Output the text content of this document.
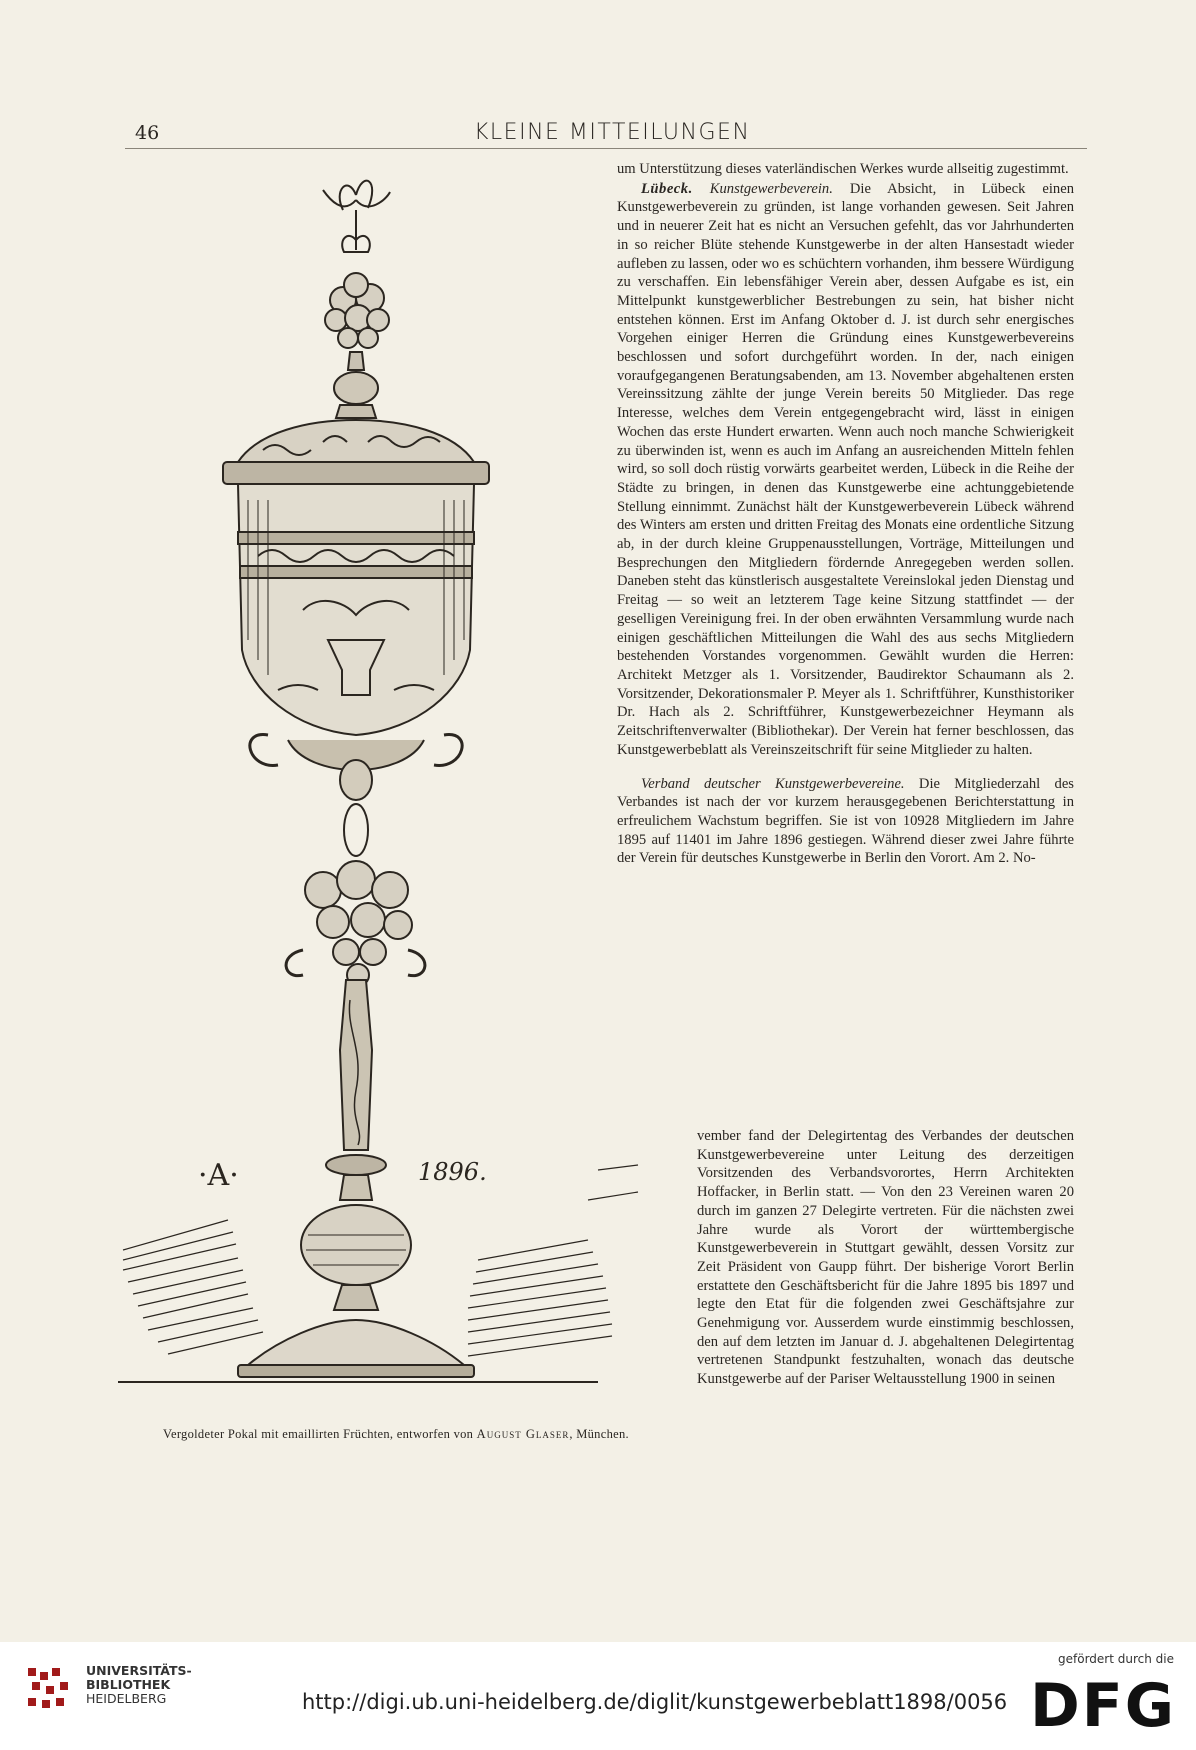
46	KLEINE MITTEILUNGEN
·A·	1896.

um Unterstützung dieses vaterländischen Werkes wurde allseitig zugestimmt.

Lübeck. Kunstgewerbeverein. Die Absicht, in Lübeck einen Kunstgewerbeverein zu gründen, ist lange vorhanden gewesen. Seit Jahren und in neuerer Zeit hat es nicht an Versuchen gefehlt, das vor Jahrhunderten in so reicher Blüte stehende Kunstgewerbe in der alten Hansestadt wieder aufleben zu lassen, oder wo es schüchtern vorhanden, ihm bessere Würdigung zu verschaffen. Ein lebensfähiger Verein aber, dessen Aufgabe es ist, ein Mittelpunkt kunstgewerblicher Bestrebungen zu sein, hat bisher nicht entstehen können. Erst im Anfang Oktober d. J. ist durch sehr energisches Vorgehen einiger Herren die Gründung eines Kunstgewerbevereins beschlossen und sofort durchgeführt worden. In der, nach einigen voraufgegangenen Beratungsabenden, am 13. November abgehaltenen ersten Vereinssitzung zählte der junge Verein bereits 50 Mitglieder. Das rege Interesse, welches dem Verein entgegengebracht wird, lässt in einigen Wochen das erste Hundert erwarten. Wenn auch noch manche Schwierigkeit zu überwinden ist, wenn es auch im Anfang an ausreichenden Mitteln fehlen wird, so soll doch rüstig vorwärts gearbeitet werden, Lübeck in die Reihe der Städte zu bringen, in denen das Kunstgewerbe eine achtunggebietende Stellung einnimmt. Zunächst hält der Kunstgewerbeverein Lübeck während des Winters am ersten und dritten Freitag des Monats eine ordentliche Sitzung ab, in der durch kleine Gruppenausstellungen, Vorträge, Mitteilungen und Besprechungen den Mitgliedern fördernde Anregegeben werden sollen. Daneben steht das künstlerisch ausgestaltete Vereinslokal jeden Dienstag und Freitag — so weit an letzterem Tage keine Sitzung stattfindet — der geselligen Vereinigung frei. In der oben erwähnten Versammlung wurde nach einigen geschäftlichen Mitteilungen die Wahl des aus sechs Mitgliedern bestehenden Vorstandes vorgenommen. Gewählt wurden die Herren: Architekt Metzger als 1. Vorsitzender, Baudirektor Schaumann als 2. Vorsitzender, Dekorationsmaler P. Meyer als 1. Schriftführer, Kunsthistoriker Dr. Hach als 2. Schriftführer, Kunstgewerbezeichner Heymann als Zeitschriftenverwalter (Bibliothekar). Der Verein hat ferner beschlossen, das Kunstgewerbeblatt als Vereinszeitschrift für seine Mitglieder zu halten.

Verband deutscher Kunstgewerbevereine. Die Mitgliederzahl des Verbandes ist nach der vor kurzem herausgegebenen Berichterstattung in erfreulichem Wachstum begriffen. Sie ist von 10928 Mitgliedern im Jahre 1895 auf 11401 im Jahre 1896 gestiegen. Während dieser zwei Jahre führte der Verein für deutsches Kunstgewerbe in Berlin den Vorort. Am 2. No-

vember fand der Delegirtentag des Verbandes der deutschen Kunstgewerbevereine unter Leitung des derzeitigen Vorsitzenden des Verbandsvorortes, Herrn Architekten Hoffacker, in Berlin statt. — Von den 23 Vereinen waren 20 durch im ganzen 27 Delegirte vertreten. Für die nächsten zwei Jahre wurde als Vorort der württembergische Kunstgewerbeverein in Stuttgart gewählt, dessen Vorsitz zur Zeit Präsident von Gaupp führt. Der bisherige Vorort Berlin erstattete den Geschäftsbericht für die Jahre 1895 bis 1897 und legte den Etat für die folgenden zwei Geschäftsjahre zur Genehmigung vor. Ausserdem wurde einstimmig beschlossen, den auf dem letzten im Januar d. J. abgehaltenen Delegirtentag vertretenen Standpunkt festzuhalten, wonach das deutsche Kunstgewerbe auf der Pariser Weltausstellung 1900 in seinen

Vergoldeter Pokal mit emaillirten Früchten, entworfen von August Glaser, München.
UNIVERSITÄTS-
BIBLIOTHEK
HEIDELBERG	http://digi.ub.uni-heidelberg.de/diglit/kunstgewerbeblatt1898/0056
gefördert durch die
DFG
